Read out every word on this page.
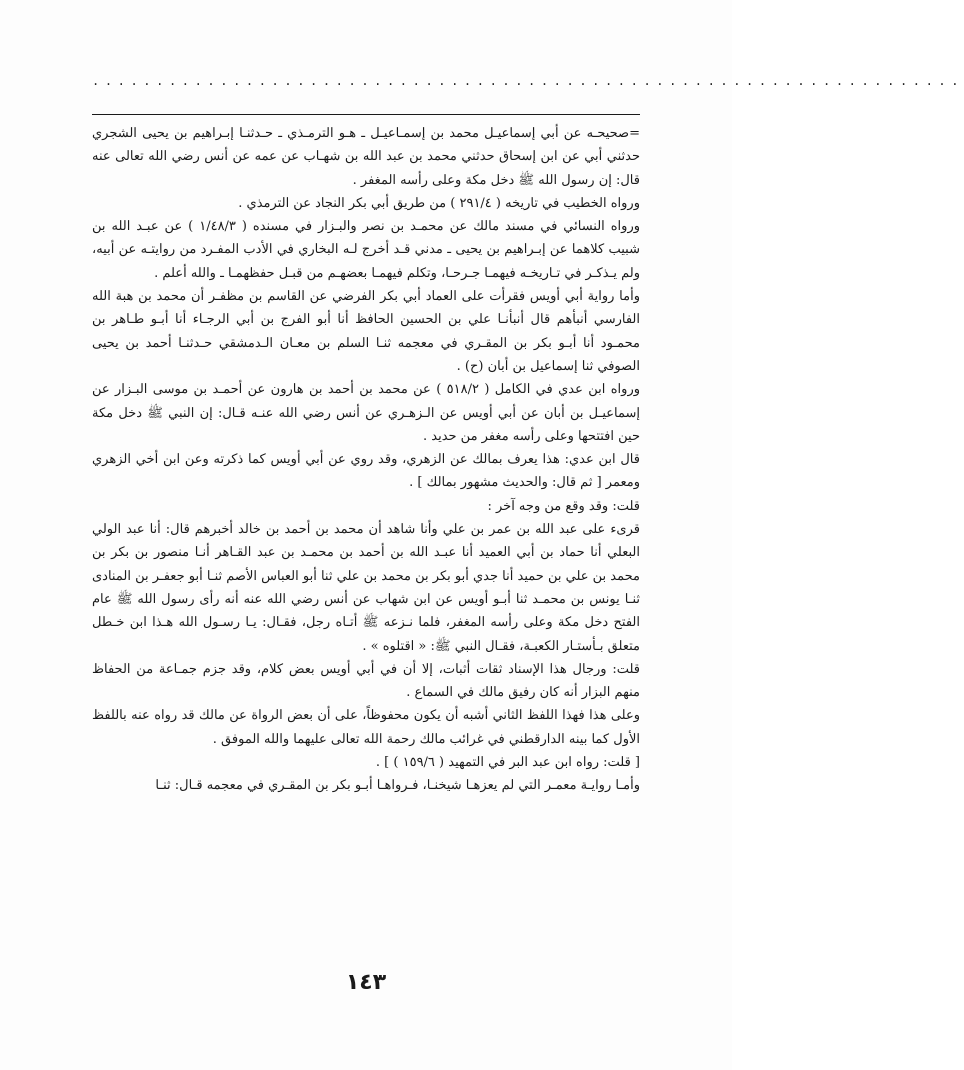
....................................................................

=صحيحـه عن أبي إسماعيـل محمد بن إسمـاعيـل ـ هـو الترمـذي ـ حـدثنـا إبـراهيم بن يحيى الشجري حدثني أبي عن ابن إسحاق حدثني محمد بن عبد الله بن شهـاب عن عمه عن أنس رضي الله تعالى عنه قال: إن رسول الله ﷺ دخل مكة وعلى رأسه المغفر .

ورواه الخطيب في تاريخه ( ٢٩١/٤ ) من طريق أبي بكر النجاد عن الترمذي .

ورواه النسائي في مسند مالك عن محمـد بن نصر والبـزار في مسنده ( ١/٤٨/٣ ) عن عبـد الله بن شبيب كلاهما عن إبـراهيم بن يحيى ـ مدني قـد أخرج لـه البخاري في الأدب المفـرد من روايتـه عن أبيه، ولم يـذكـر في تـاريخـه فيهمـا جـرحـا، وتكلم فيهمـا بعضهـم من قبـل حفظهمـا ـ والله أعلم .

وأما رواية أبي أويس فقرأت على العماد أبي بكر الفرضي عن القاسم بن مظفـر أن محمد بن هبة الله الفارسي أنبأهم قال أنبأنـا علي بن الحسين الحافظ أنا أبو الفرج بن أبي الرجـاء أنا أبـو طـاهر بن محمـود أنا أبـو بكر بن المقـري في معجمه ثنـا السلم بن معـان الـدمشقي حـدثنـا أحمد بن يحيى الصوفي ثنا إسماعيل بن أبان (ح) .

ورواه ابن عدي في الكامل ( ٥١٨/٢ ) عن محمد بن أحمد بن هارون عن أحمـد بن موسى البـزار عن إسماعيـل بن أبان عن أبي أويس عن الـزهـري عن أنس رضي الله عنـه قـال: إن النبي ﷺ دخل مكة حين افتتحها وعلى رأسه مغفر من حديد .

قال ابن عدي: هذا يعرف بمالك عن الزهري، وقد روي عن أبي أويس كما ذكرته وعن ابن أخي الزهري ومعمر [ ثم قال: والحديث مشهور بمالك ] .

قلت: وقد وقع من وجه آخر :

قرىء على عبد الله بن عمر بن علي وأنا شاهد أن محمد بن أحمد بن خالد أخبرهم قال: أنا عبد الولي البعلي أنا حماد بن أبي العميد أنا عبـد الله بن أحمد بن محمـد بن عبد القـاهر أنـا منصور بن بكر بن محمد بن علي بن حميد أنا جدي أبو بكر بن محمد بن علي ثنا أبو العباس الأصم ثنـا أبو جعفـر بن المنادى ثنـا يونس بن محمـد ثنا أبـو أويس عن ابن شهاب عن أنس رضي الله عنه أنه رأى رسول الله ﷺ عام الفتح دخل مكة وعلى رأسه المغفر، فلما نـزعه ﷺ أتـاه رجل، فقـال: يـا رسـول الله هـذا ابن خـطل متعلق بـأستـار الكعبـة، فقـال النبي ﷺ: « اقتلوه » .

قلت: ورجال هذا الإسناد ثقات أثبات، إلا أن في أبي أويس بعض كلام، وقد جزم جمـاعة من الحفاظ منهم البزار أنه كان رفيق مالك في السماع .

وعلى هذا فهذا اللفظ الثاني أشبه أن يكون محفوظاً، على أن بعض الرواة عن مالك قد رواه عنه باللفظ الأول كما بينه الدارقطني في غرائب مالك رحمة الله تعالى عليهما والله الموفق .

[ قلت: رواه ابن عبد البر في التمهيد ( ١٥٩/٦ ) ] .

وأمـا روايـة معمـر التي لم يعزهـا شيخنـا، فـرواهـا أبـو بكر بن المقـري في معجمه قـال: ثنـا

١٤٣
